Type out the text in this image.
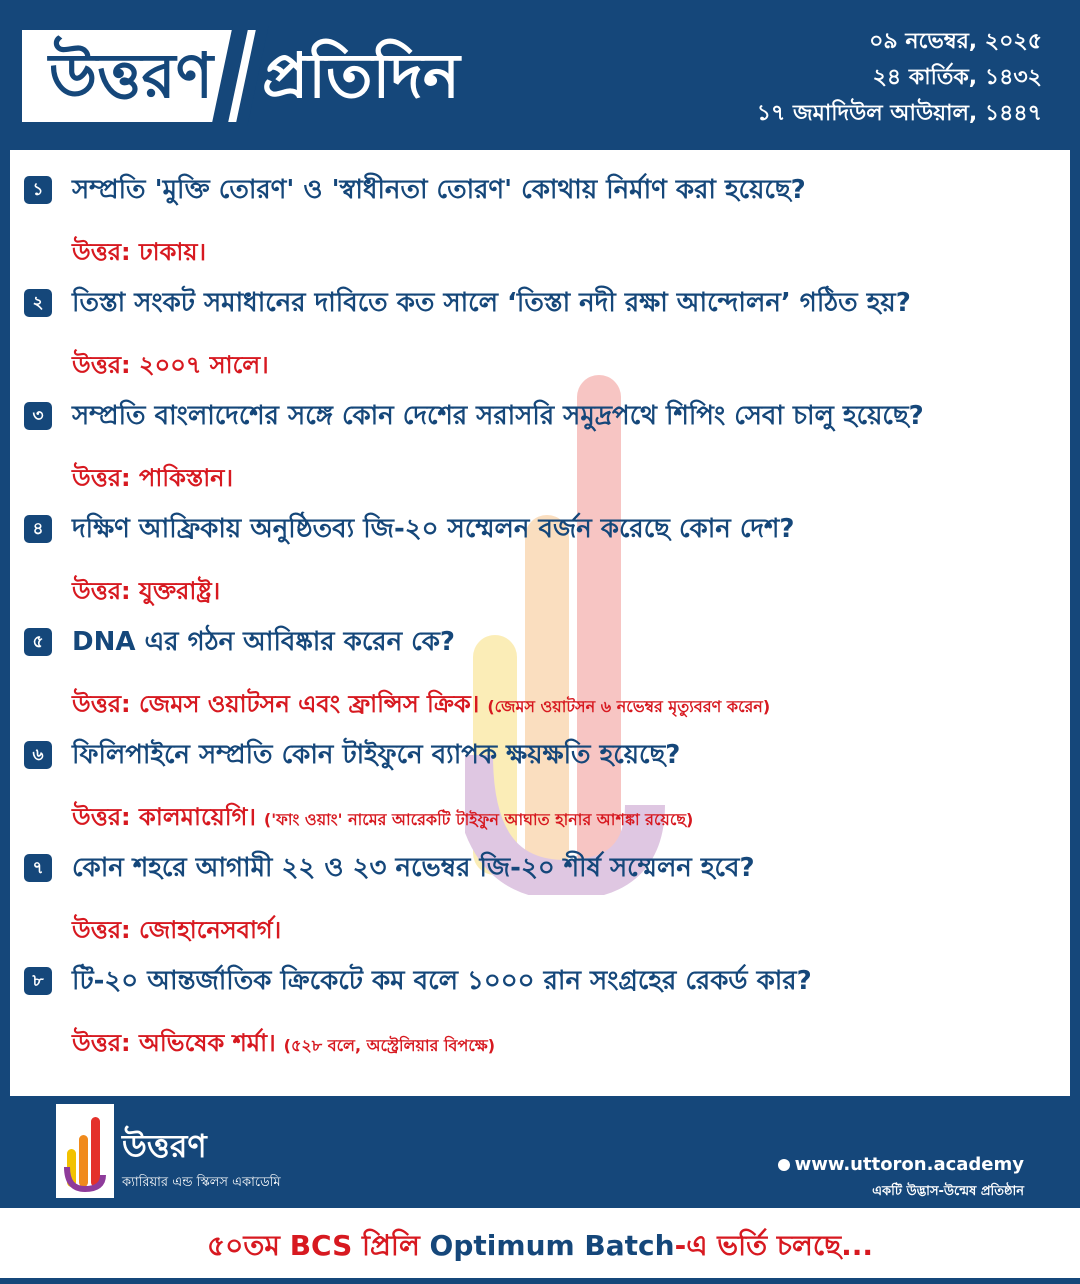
উত্তরণ প্রতিদিন	০৯ নভেম্বর, ২০২৫
২৪ কার্তিক, ১৪৩২
১৭ জমাদিউল আউয়াল, ১৪৪৭
১	সম্প্রতি 'মুক্তি তোরণ' ও 'স্বাধীনতা তোরণ' কোথায় নির্মাণ করা হয়েছে?
উত্তর: ঢাকায়।
২	তিস্তা সংকট সমাধানের দাবিতে কত সালে ‘তিস্তা নদী রক্ষা আন্দোলন’ গঠিত হয়?
উত্তর: ২০০৭ সালে।
৩	সম্প্রতি বাংলাদেশের সঙ্গে কোন দেশের সরাসরি সমুদ্রপথে শিপিং সেবা চালু হয়েছে?
উত্তর: পাকিস্তান।
৪	দক্ষিণ আফ্রিকায় অনুষ্ঠিতব্য জি-২০ সম্মেলন বর্জন করেছে কোন দেশ?
উত্তর: যুক্তরাষ্ট্র।
৫	DNA এর গঠন আবিষ্কার করেন কে?
উত্তর: জেমস ওয়াটসন এবং ফ্রান্সিস ক্রিক। (জেমস ওয়াটসন ৬ নভেম্বর মৃত্যুবরণ করেন)
৬	ফিলিপাইনে সম্প্রতি কোন টাইফুনে ব্যাপক ক্ষয়ক্ষতি হয়েছে?
উত্তর: কালমায়েগি। ('ফাং ওয়াং' নামের আরেকটি টাইফুন আঘাত হানার আশঙ্কা রয়েছে)
৭	কোন শহরে আগামী ২২ ও ২৩ নভেম্বর জি-২০ শীর্ষ সম্মেলন হবে?
উত্তর: জোহানেসবার্গ।
৮	টি-২০ আন্তর্জাতিক ক্রিকেটে কম বলে ১০০০ রান সংগ্রহের রেকর্ড কার?
উত্তর: অভিষেক শর্মা। (৫২৮ বলে, অস্ট্রেলিয়ার বিপক্ষে)
উত্তরণ
ক্যারিয়ার এন্ড স্কিলস একাডেমি
www.uttoron.academy
একটি উদ্ভাস-উন্মেষ প্রতিষ্ঠান
৫০তম BCS প্রিলি Optimum Batch-এ ভর্তি চলছে...
